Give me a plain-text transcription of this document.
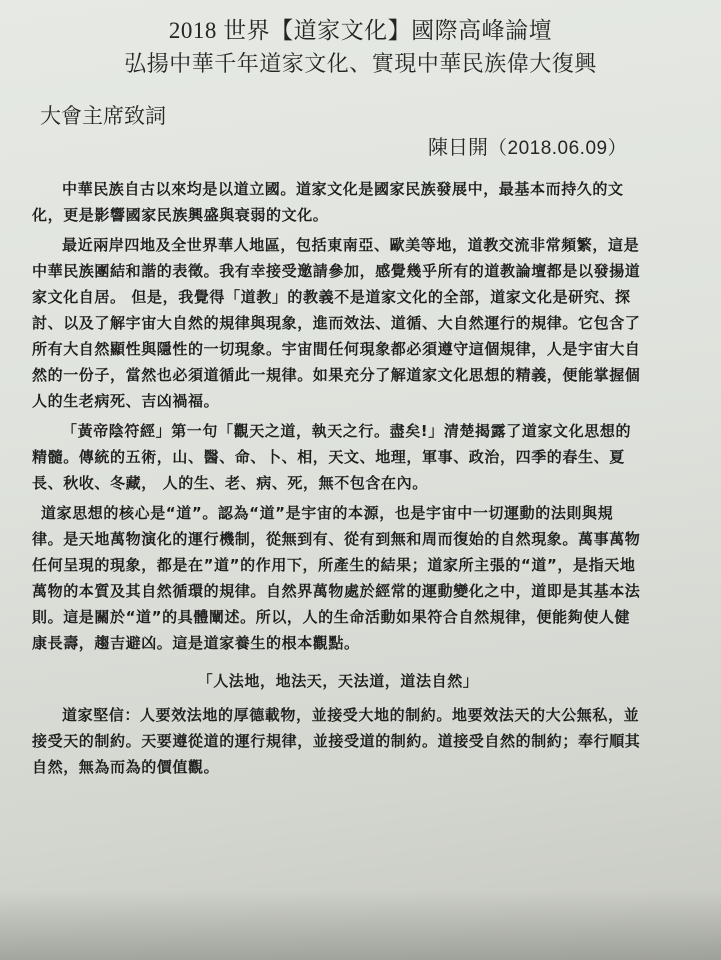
2018 世界【道家文化】國際高峰論壇
弘揚中華千年道家文化、實現中華民族偉大復興
大會主席致詞
陳日開（2018.06.09）

中華民族自古以來均是以道立國。道家文化是國家民族發展中，最基本而持久的文化，更是影響國家民族興盛與衰弱的文化。

最近兩岸四地及全世界華人地區，包括東南亞、歐美等地，道教交流非常頻繁，這是中華民族團結和諧的表徵。我有幸接受邀請參加，感覺幾乎所有的道教論壇都是以發揚道家文化自居。 但是，我覺得「道教」的教義不是道家文化的全部，道家文化是研究、探討、以及了解宇宙大自然的規律與現象，進而效法、道循、大自然運行的規律。它包含了所有大自然顯性與隱性的一切現象。宇宙間任何現象都必須遵守這個規律，人是宇宙大自然的一份子，當然也必須道循此一規律。如果充分了解道家文化思想的精義，便能掌握個人的生老病死、吉凶禍福。

「黃帝陰符經」第一句「觀天之道，執天之行。盡矣!」清楚揭露了道家文化思想的精髓。傳統的五術，山、醫、命、卜、相，天文、地理，軍事、政治，四季的春生、夏長、秋收、冬藏， 人的生、老、病、死，無不包含在內。

道家思想的核心是“道”。認為“道”是宇宙的本源，也是宇宙中一切運動的法則與規律。是天地萬物演化的運行機制，從無到有、從有到無和周而復始的自然現象。萬事萬物任何呈現的現象，都是在”道”的作用下，所產生的結果；道家所主張的“道”，是指天地萬物的本質及其自然循環的規律。自然界萬物處於經常的運動變化之中，道即是其基本法則。這是關於“道”的具體闡述。所以，人的生命活動如果符合自然規律，便能夠使人健康長壽，趨吉避凶。這是道家養生的根本觀點。

「人法地，地法天，天法道，道法自然」

道家堅信：人要效法地的厚德載物，並接受大地的制約。地要效法天的大公無私，並接受天的制約。天要遵從道的運行規律，並接受道的制約。道接受自然的制約；奉行順其自然，無為而為的價值觀。
